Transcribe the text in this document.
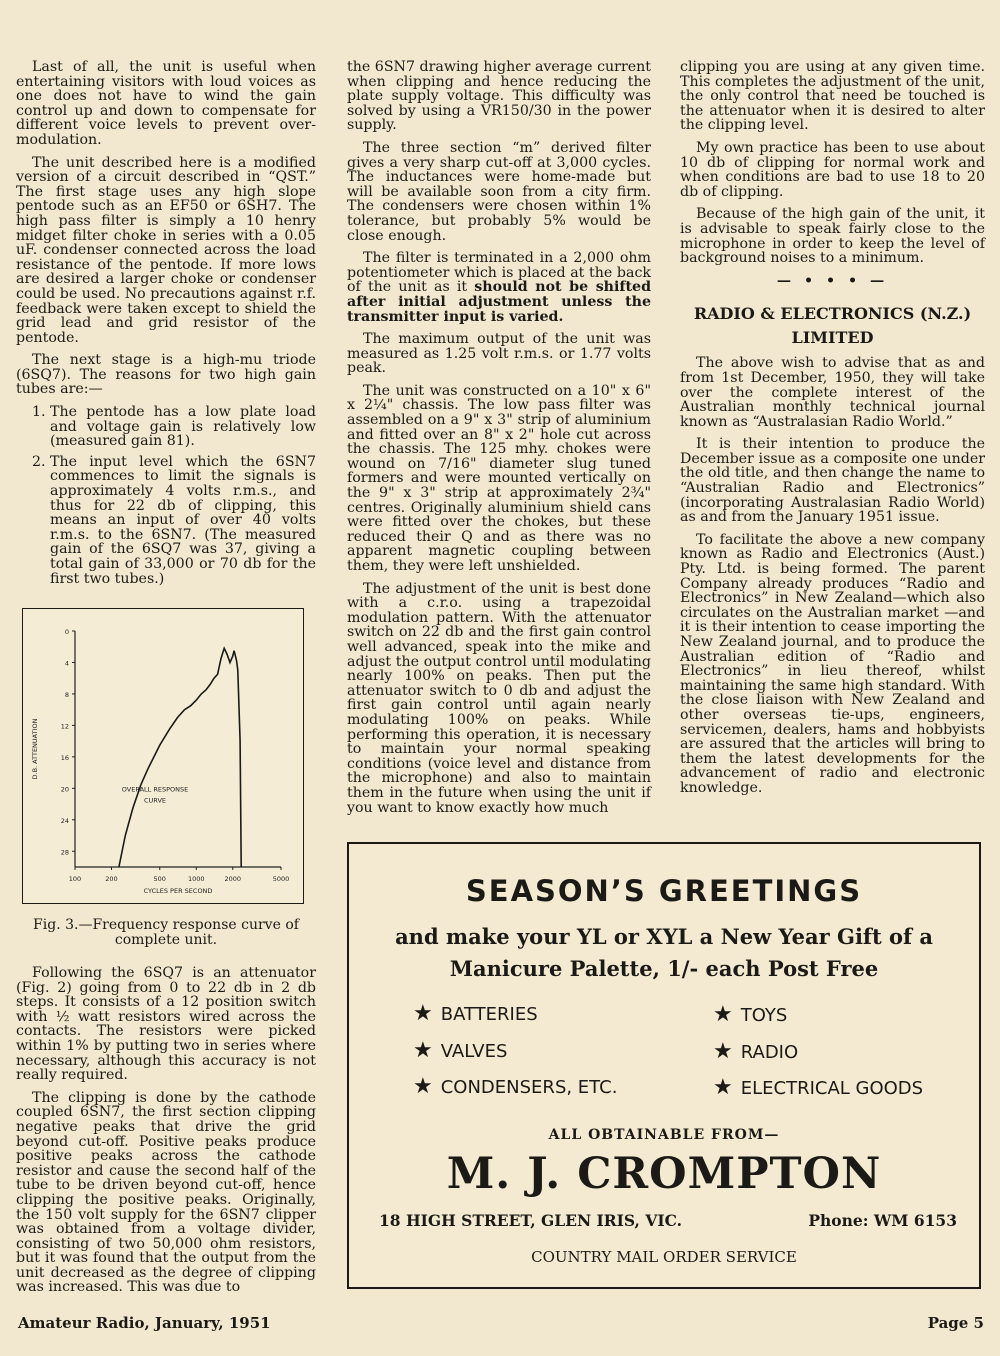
Last of all, the unit is useful when entertaining visitors with loud voices as one does not have to wind the gain control up and down to compensate for different voice levels to prevent over-modulation.

The unit described here is a modified version of a circuit described in “QST.” The first stage uses any high slope pentode such as an EF50 or 6SH7. The high pass filter is simply a 10 henry midget filter choke in series with a 0.05 uF. condenser connected across the load resistance of the pentode. If more lows are desired a larger choke or condenser could be used. No precautions against r.f. feedback were taken except to shield the grid lead and grid resistor of the pentode.

The next stage is a high-mu triode (6SQ7). The reasons for two high gain tubes are:—

1. The pentode has a low plate load and voltage gain is relatively low (measured gain 81).
2. The input level which the 6SN7 commences to limit the signals is approximately 4 volts r.m.s., and thus for 22 db of clipping, this means an input of over 40 volts r.m.s. to the 6SN7. (The measured gain of the 6SQ7 was 37, giving a total gain of 33,000 or 70 db for the first two tubes.)
0
4
8
12
16
20
24
28
100	200	500	1000	2000	5000
CYCLES PER SECOND
D.B. ATTENUATION
OVERALL RESPONSE
CURVE
Fig. 3.—Frequency response curve of complete unit.

Following the 6SQ7 is an attenuator (Fig. 2) going from 0 to 22 db in 2 db steps. It consists of a 12 position switch with ½ watt resistors wired across the contacts. The resistors were picked within 1% by putting two in series where necessary, although this accuracy is not really required.

The clipping is done by the cathode coupled 6SN7, the first section clipping negative peaks that drive the grid beyond cut-off. Positive peaks produce positive peaks across the cathode resistor and cause the second half of the tube to be driven beyond cut-off, hence clipping the positive peaks. Originally, the 150 volt supply for the 6SN7 clipper was obtained from a voltage divider, consisting of two 50,000 ohm resistors, but it was found that the output from the unit decreased as the degree of clipping was increased. This was due to

the 6SN7 drawing higher average current when clipping and hence reducing the plate supply voltage. This difficulty was solved by using a VR150/30 in the power supply.

The three section “m” derived filter gives a very sharp cut-off at 3,000 cycles. The inductances were home-made but will be available soon from a city firm. The condensers were chosen within 1% tolerance, but probably 5% would be close enough.

The filter is terminated in a 2,000 ohm potentiometer which is placed at the back of the unit as it should not be shifted after initial adjustment unless the transmitter input is varied.

The maximum output of the unit was measured as 1.25 volt r.m.s. or 1.77 volts peak.

The unit was constructed on a 10" x 6" x 2¼" chassis. The low pass filter was assembled on a 9" x 3" strip of aluminium and fitted over an 8" x 2" hole cut across the chassis. The 125 mhy. chokes were wound on 7/16" diameter slug tuned formers and were mounted vertically on the 9" x 3" strip at approximately 2¾" centres. Originally aluminium shield cans were fitted over the chokes, but these reduced their Q and as there was no apparent magnetic coupling between them, they were left unshielded.

The adjustment of the unit is best done with a c.r.o. using a trapezoidal modulation pattern. With the attenuator switch on 22 db and the first gain control well advanced, speak into the mike and adjust the output control until modulating nearly 100% on peaks. Then put the attenuator switch to 0 db and adjust the first gain control until again nearly modulating 100% on peaks. While performing this operation, it is necessary to maintain your normal speaking conditions (voice level and distance from the microphone) and also to maintain them in the future when using the unit if you want to know exactly how much

clipping you are using at any given time. This completes the adjustment of the unit, the only control that need be touched is the attenuator when it is desired to alter the clipping level.

My own practice has been to use about 10 db of clipping for normal work and when conditions are bad to use 18 to 20 db of clipping.

Because of the high gain of the unit, it is advisable to speak fairly close to the microphone in order to keep the level of background noises to a minimum.

— • • • —
RADIO & ELECTRONICS (N.Z.) LIMITED

The above wish to advise that as and from 1st December, 1950, they will take over the complete interest of the Australian monthly technical journal known as “Australasian Radio World.”

It is their intention to produce the December issue as a composite one under the old title, and then change the name to “Australian Radio and Electronics” (incorporating Australasian Radio World) as and from the January 1951 issue.

To facilitate the above a new company known as Radio and Electronics (Aust.) Pty. Ltd. is being formed. The parent Company already produces “Radio and Electronics” in New Zealand—which also circulates on the Australian market —and it is their intention to cease importing the New Zealand journal, and to produce the Australian edition of “Radio and Electronics” in lieu thereof, whilst maintaining the same high standard. With the close liaison with New Zealand and other overseas tie-ups, engineers, servicemen, dealers, hams and hobbyists are assured that the articles will bring to them the latest developments for the advancement of radio and electronic knowledge.

SEASON’S GREETINGS
and make your YL or XYL a New Year Gift of a
Manicure Palette, 1/- each Post Free
★ BATTERIES
★ VALVES
★ CONDENSERS, ETC.
★ TOYS
★ RADIO
★ ELECTRICAL GOODS
ALL OBTAINABLE FROM—
M. J. CROMPTON
18 HIGH STREET, GLEN IRIS, VIC.	Phone: WM 6153
COUNTRY MAIL ORDER SERVICE
Amateur Radio, January, 1951	Page 5
